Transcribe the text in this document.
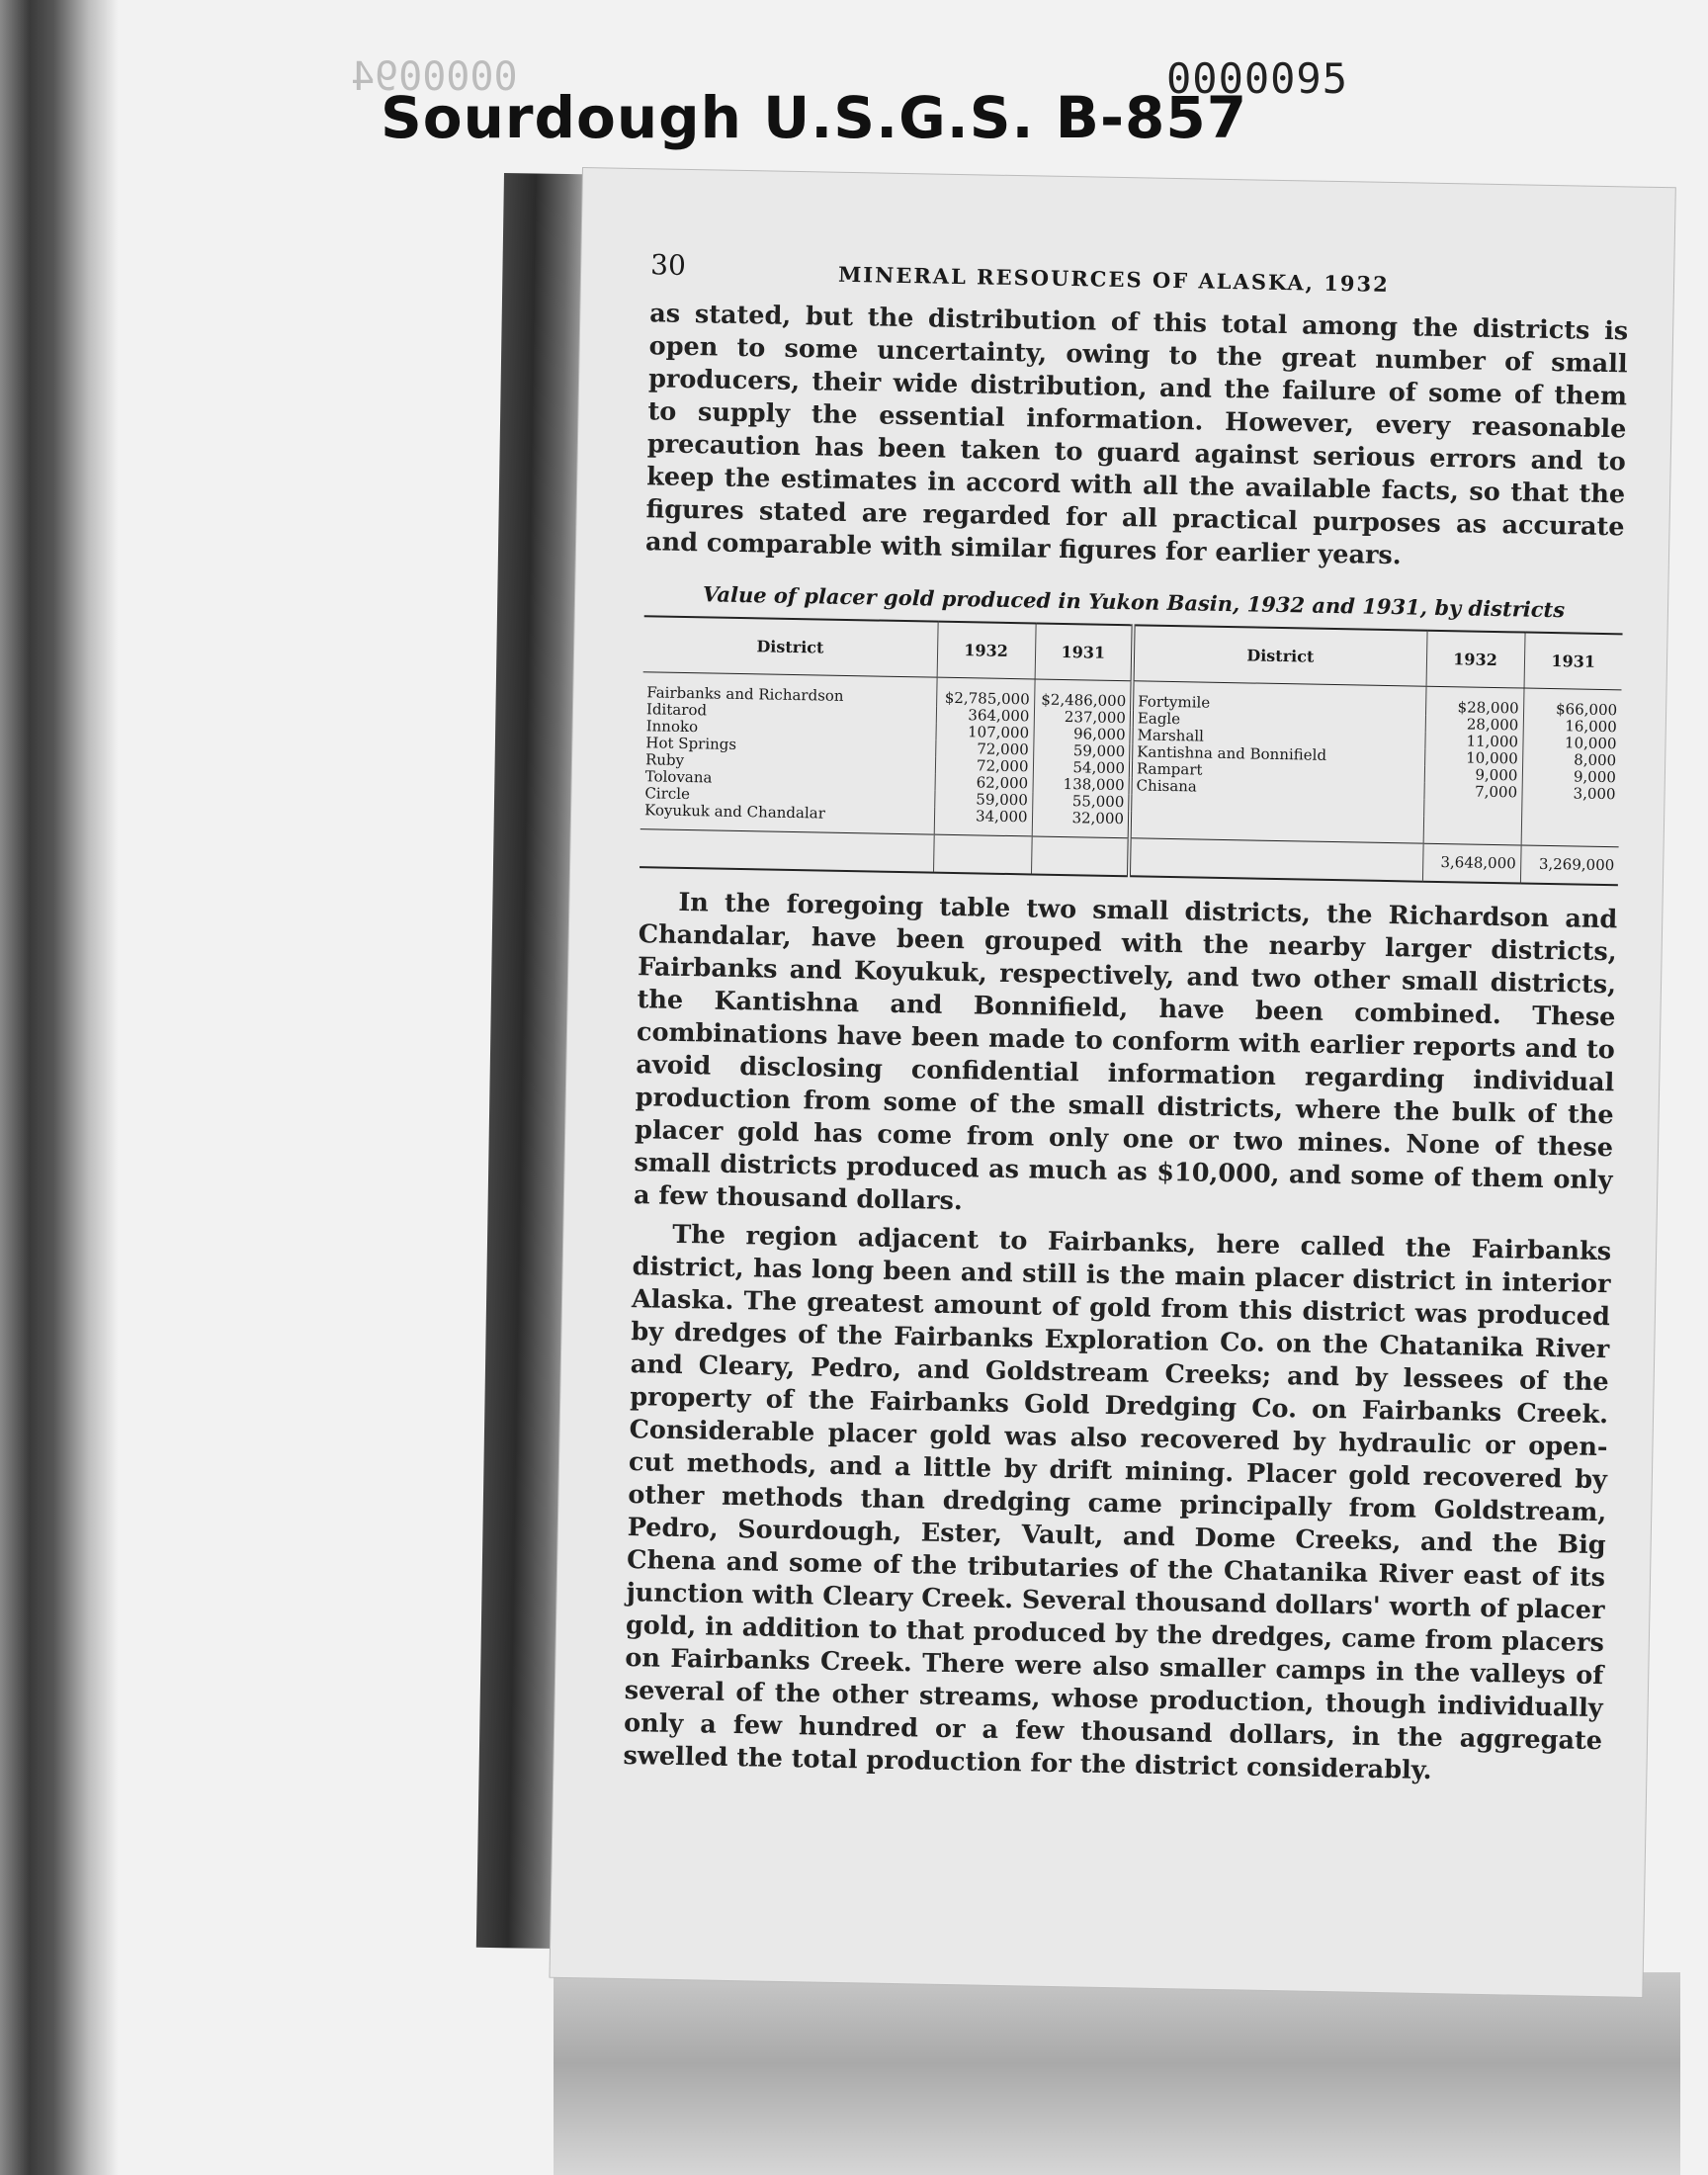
0000094
Sourdough U.S.G.S. B-857
0000095
30	MINERAL RESOURCES OF ALASKA, 1932

as stated, but the distribution of this total among the districts is open to some uncertainty, owing to the great number of small producers, their wide distribution, and the failure of some of them to supply the essential information. However, every reasonable precaution has been taken to guard against serious errors and to keep the estimates in accord with all the available facts, so that the figures stated are regarded for all practical purposes as accurate and comparable with similar figures for earlier years.

Value of placer gold produced in Yukon Basin, 1932 and 1931, by districts
District	1932	1931	District	1932	1931
Fairbanks and Richardson	$2,785,000	$2,486,000	Fortymile	$28,000	$66,000
Iditarod	364,000	237,000	Eagle	28,000	16,000
Innoko	107,000	96,000	Marshall	11,000	10,000
Hot Springs	72,000	59,000	Kantishna and Bonnifield	10,000	8,000
Ruby	72,000	54,000	Rampart	9,000	9,000
Tolovana	62,000	138,000	Chisana	7,000	3,000
Circle	59,000	55,000			
Koyukuk and Chandalar	34,000	32,000			
				3,648,000	3,269,000

In the foregoing table two small districts, the Richardson and Chandalar, have been grouped with the nearby larger districts, Fairbanks and Koyukuk, respectively, and two other small districts, the Kantishna and Bonnifield, have been combined. These combinations have been made to conform with earlier reports and to avoid disclosing confidential information regarding individual production from some of the small districts, where the bulk of the placer gold has come from only one or two mines. None of these small districts produced as much as $10,000, and some of them only a few thousand dollars.

The region adjacent to Fairbanks, here called the Fairbanks district, has long been and still is the main placer district in interior Alaska. The greatest amount of gold from this district was produced by dredges of the Fairbanks Exploration Co. on the Chatanika River and Cleary, Pedro, and Goldstream Creeks; and by lessees of the property of the Fairbanks Gold Dredging Co. on Fairbanks Creek. Considerable placer gold was also recovered by hydraulic or open-cut methods, and a little by drift mining. Placer gold recovered by other methods than dredging came principally from Goldstream, Pedro, Sourdough, Ester, Vault, and Dome Creeks, and the Big Chena and some of the tributaries of the Chatanika River east of its junction with Cleary Creek. Several thousand dollars' worth of placer gold, in addition to that produced by the dredges, came from placers on Fairbanks Creek. There were also smaller camps in the valleys of several of the other streams, whose production, though individually only a few hundred or a few thousand dollars, in the aggregate swelled the total production for the district considerably.
